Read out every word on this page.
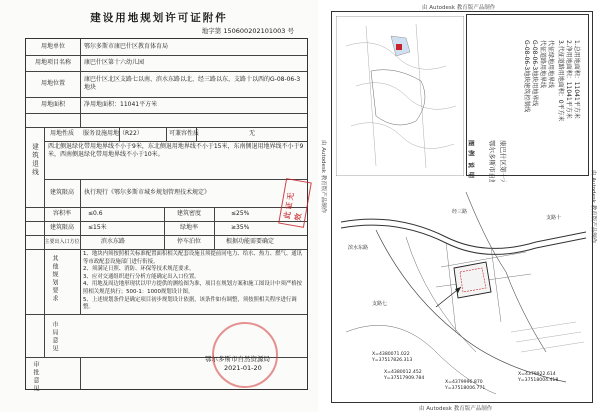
建设用地规划许可证附件
地字第 150600202101003 号
用地单位	鄂尔多斯市康巴什区教育体育局
用地项目名称	康巴什区第十六幼儿园
用地位置
康巴什区北区支路七以南、滨水东路以北、经三路以东、支路十以西的G-08-06-3地块
用地面积	净用地面积：11041平方米
建筑退线
用地性质	服务设施用地（R22）	可兼容性质	无
西北侧退绿化带用地界线不小于9米，东北侧退用地界线不小于15米，东南侧退用地界线不小于9米，西南侧退绿化带用地界线不小于10米。
建筑限高	执行现行《鄂尔多斯市城乡规划管理技术规定》
容积率	≤0.6	建筑密度	≤25%
建筑限高	≤15米	绿地率	≥35%
主要出入口方位	滨水东路	停车泊位	根据功能需要确定
其他规划要求
1、地块内须按照相关标准配置面积相关配套设施且须提前同电力、给水、热力、燃气、通讯等市政配套设施部门进行衔接。
2、须满足日照、消防、环保等技术规范要求。
3、应对交通组织进行分析方能确定出入口位置。
4、用地及周边地形现状以甲方提供的测绘图为准，项目在规划方案和施工图设计中须严格按照相关规范执行；500-1：1000规划设计图。
5、上述规划条件是确定项目初步规划设计依据，该条件如有调整，须按照相关程序进行调整。
市局意见
审批意见
鄂尔多斯市自然资源局
2021-01-20
此证无效
由 Autodesk 教育版产品制作
由 Autodesk 教育版产品制作
由 Autodesk 教育版产品制作	由 Autodesk 教育版产品制作
1.总用地面积：11041平方米
2.净用地面积：11041平方米
3.代征道路用地面积：0平方米
代征绿地用地界线
代征道路用地界线
G-08-06-3地块用地界线
G-08-06-3地块建筑控制线
图
例
说
明
滨水东路
经三路
支路七
支路十
X=4380071.022
Y=37517826.313
X=4380012.452
Y=37517909.784
X=4379996.870
Y=37518006.771
X=4379922.614
Y=37518004.418
